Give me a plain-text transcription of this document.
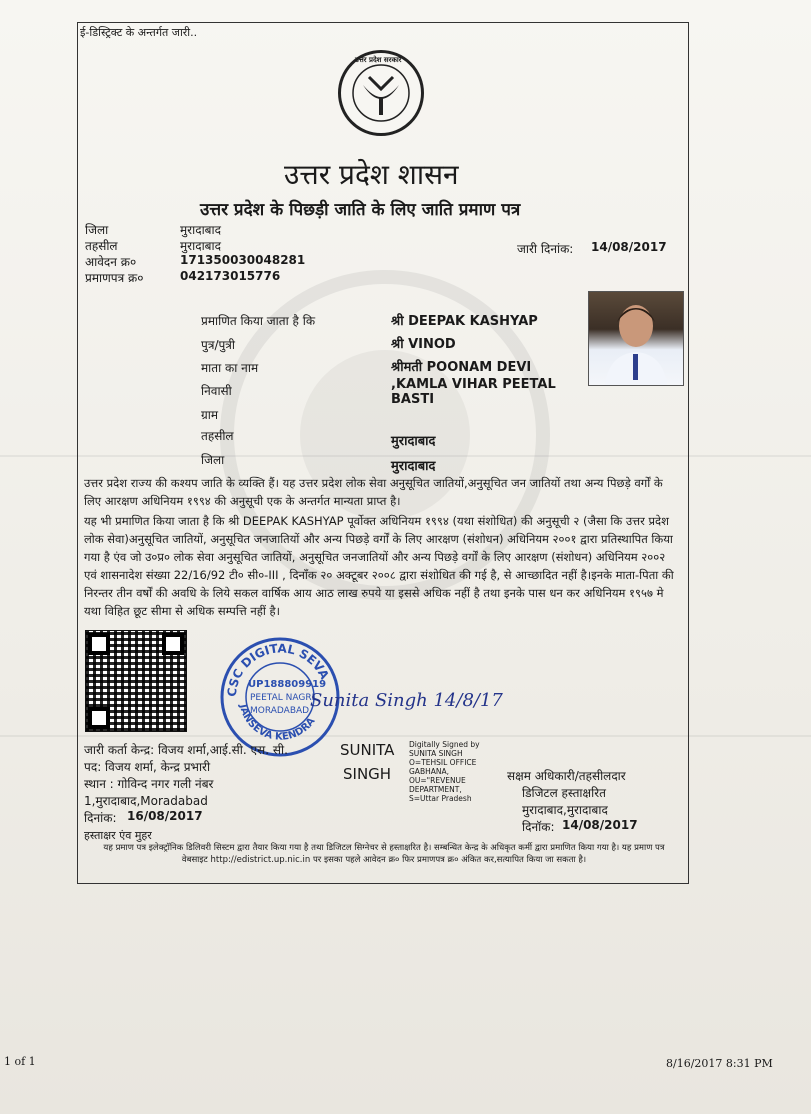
ई-डिस्ट्रिक्ट के अन्तर्गत जारी..
उत्तर प्रदेश सरकार
उत्तर प्रदेश शासन
उत्तर प्रदेश के पिछड़ी जाति के लिए जाति प्रमाण पत्र
जिला	मुरादाबाद
तहसील	मुरादाबाद
आवेदन क्र०	171350030048281
प्रमाणपत्र क्र०	042173015776
जारी दिनांक: 14/08/2017
प्रमाणित किया जाता है कि	श्री DEEPAK KASHYAP
पुत्र/पुत्री	श्री VINOD
माता का नाम	श्रीमती POONAM DEVI
निवासी	,KAMLA VIHAR PEETAL
BASTI
ग्राम
तहसील	मुरादाबाद
जिला	मुरादाबाद
उत्तर प्रदेश राज्य की कश्यप जाति के व्यक्ति हैं। यह उत्तर प्रदेश लोक सेवा अनुसूचित जातियों,अनुसूचित जन जातियों तथा अन्य पिछड़े वर्गों के लिए आरक्षण अधिनियम १९९४ की अनुसूची एक के अन्तर्गत मान्यता प्राप्त है।
यह भी प्रमाणित किया जाता है कि श्री DEEPAK KASHYAP पूर्वोक्त अधिनियम १९९४ (यथा संशोधित) की अनुसूची २ (जैसा कि उत्तर प्रदेश लोक सेवा)अनुसूचित जातियों, अनुसूचित जनजातियों और अन्य पिछड़े वर्गों के लिए आरक्षण (संशोधन) अधिनियम २००१ द्वारा प्रतिस्थापित किया गया है एंव जो उ०प्र० लोक सेवा अनुसूचित जातियों, अनुसूचित जनजातियों और अन्य पिछड़े वर्गों के लिए आरक्षण (संशोधन) अधिनियम २००२ एवं शासनादेश संख्या 22/16/92 टी० सी०-III , दिनाँक २० अक्टूबर २००८ द्वारा संशोधित की गई है, से आच्छादित नहीं है।इनके माता-पिता की निरन्तर तीन वर्षों की अवधि के लिये सकल वार्षिक आय आठ लाख रुपये या इससे अधिक नहीं है तथा इनके पास धन कर अधिनियम १९५७ मे यथा विहित छूट सीमा से अधिक सम्पत्ति नहीं है।
CSC DIGITAL SEVA
JANSEVA KENDRA
UP188809919
PEETAL NAGRI
MORADABAD Sunita Singh 14/8/17
जारी कर्ता केन्द्र: विजय शर्मा,आई.सी. एस. सी.
पद: विजय शर्मा, केन्द्र प्रभारी
स्थान : गोविन्द नगर गली नंबर
1,मुरादाबाद,Moradabad
दिनांक: 16/08/2017
हस्ताक्षर एंव मुहर
SUNITA
SINGH
Digitally Signed by
SUNITA SINGH
O=TEHSIL OFFICE
GABHANA,
OU="REVENUE
DEPARTMENT,
S=Uttar Pradesh
सक्षम अधिकारी/तहसीलदार
डिजिटल हस्ताक्षरित
मुरादाबाद,मुरादाबाद
दिनॉक: 14/08/2017
यह प्रमाण पत्र इलेक्ट्रॉनिक डिलिवरी सिस्टम द्वारा तैयार किया गया है तथा डिजिटल सिग्नेचर से हस्ताक्षरित है। सम्बन्धित केन्द्र के अधिकृत कर्मी द्वारा प्रमाणित किया गया है। यह प्रमाण पत्र वेबसाइट http://edistrict.up.nic.in पर इसका पहले आवेदन क्र० फिर प्रमाणपत्र क्र० अंकित कर,सत्यापित किया जा सकता है।
1 of 1	8/16/2017 8:31 PM
